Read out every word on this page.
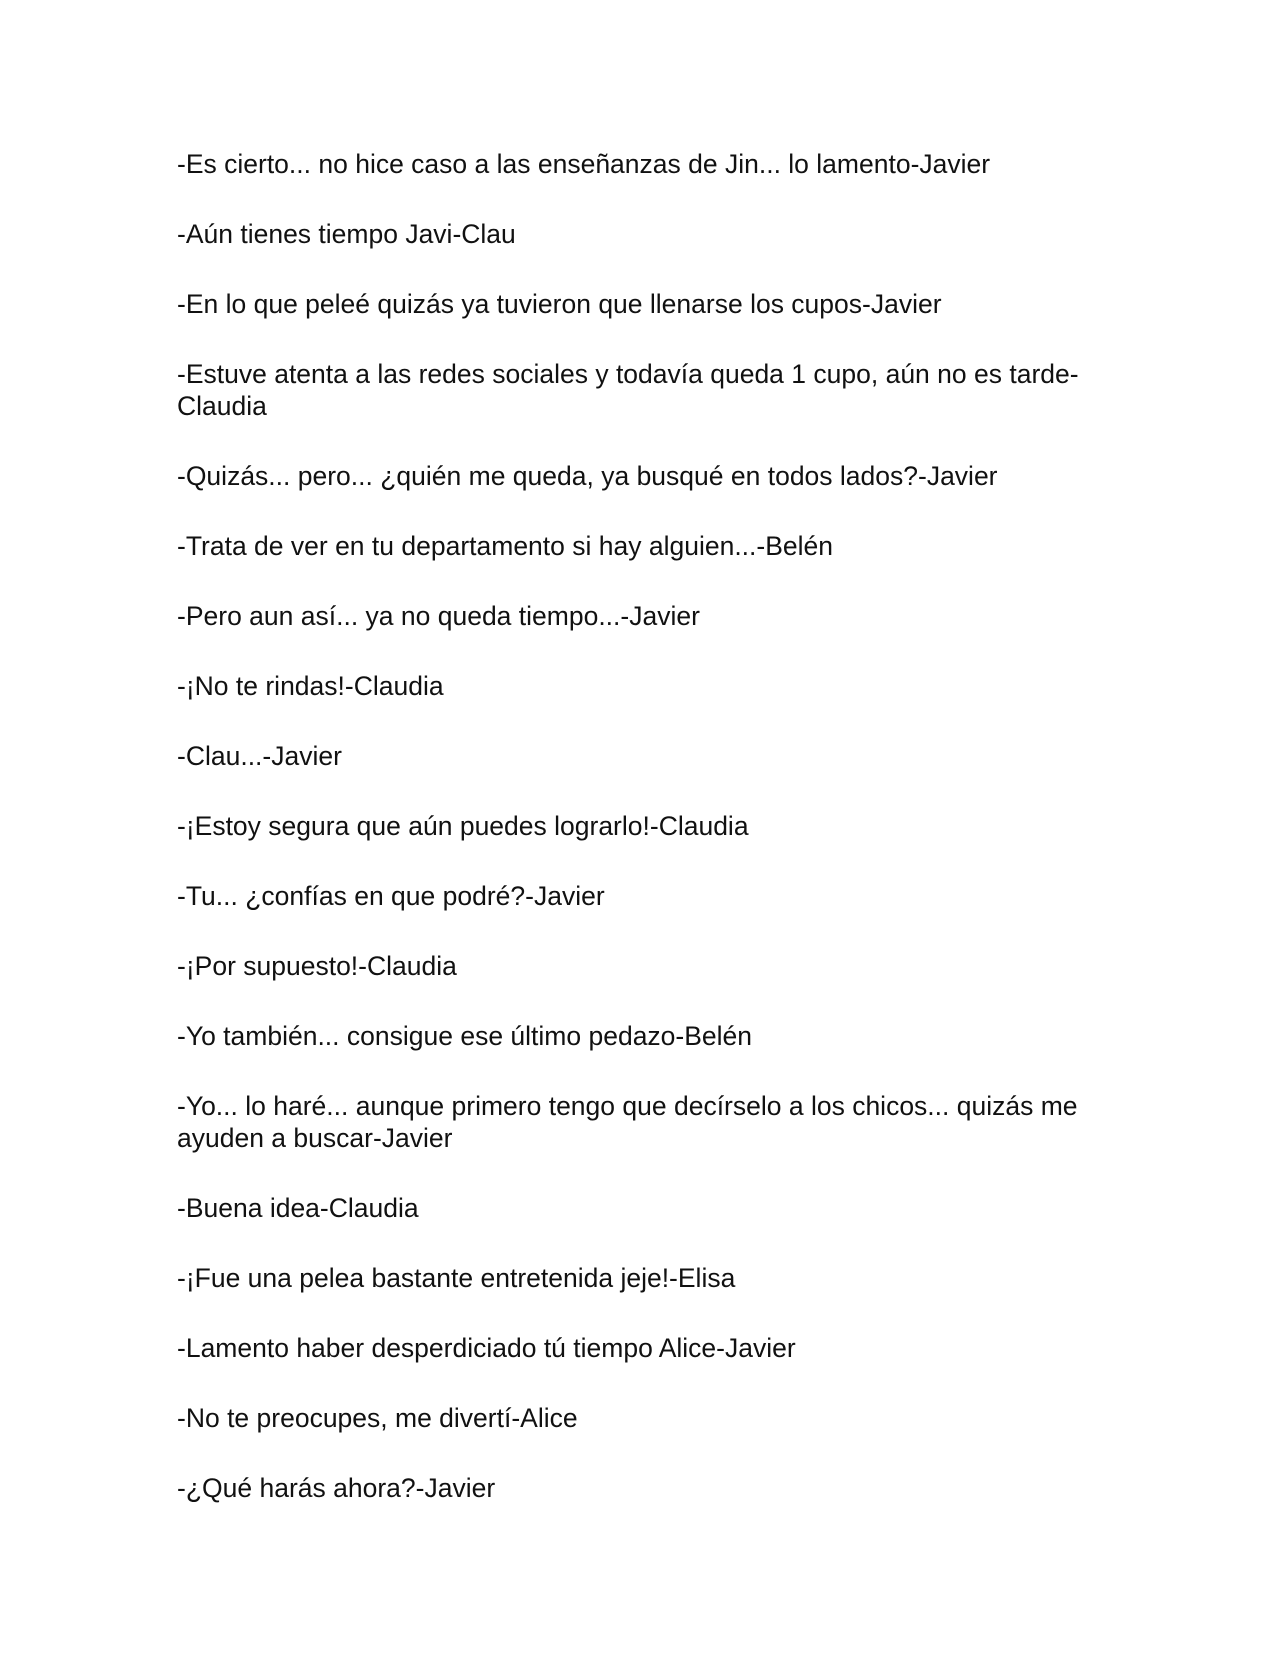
-Es cierto... no hice caso a las enseñanzas de Jin... lo lamento-Javier

-Aún tienes tiempo Javi-Clau

-En lo que peleé quizás ya tuvieron que llenarse los cupos-Javier

-Estuve atenta a las redes sociales y todavía queda 1 cupo, aún no es tarde-Claudia

-Quizás... pero... ¿quién me queda, ya busqué en todos lados?-Javier

-Trata de ver en tu departamento si hay alguien...-Belén

-Pero aun así... ya no queda tiempo...-Javier

-¡No te rindas!-Claudia

-Clau...-Javier

-¡Estoy segura que aún puedes lograrlo!-Claudia

-Tu... ¿confías en que podré?-Javier

-¡Por supuesto!-Claudia

-Yo también... consigue ese último pedazo-Belén

-Yo... lo haré... aunque primero tengo que decírselo a los chicos... quizás me ayuden a buscar-Javier

-Buena idea-Claudia

-¡Fue una pelea bastante entretenida jeje!-Elisa

-Lamento haber desperdiciado tú tiempo Alice-Javier

-No te preocupes, me divertí-Alice

-¿Qué harás ahora?-Javier
